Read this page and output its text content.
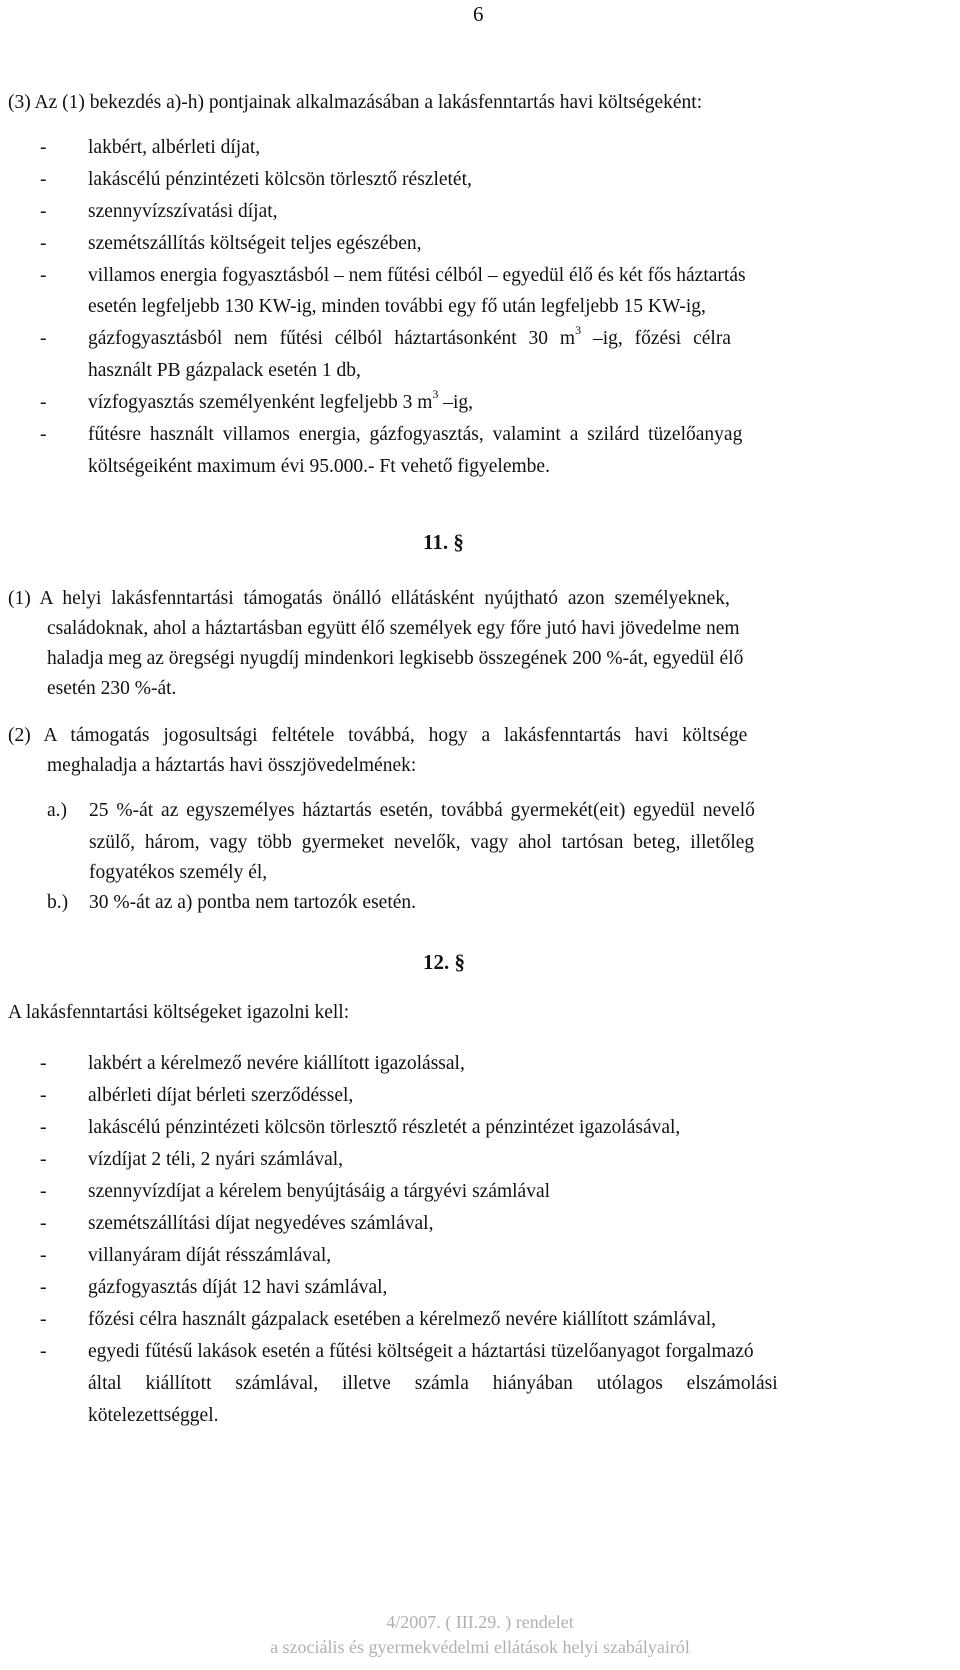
6
(3) Az (1) bekezdés a)-h) pontjainak alkalmazásában a lakásfenntartás havi költségeként:
- lakbért, albérleti díjat,
- lakáscélú pénzintézeti kölcsön törlesztő részletét,
- szennyvízszívatási díjat,
- szemétszállítás költségeit teljes egészében,
- villamos energia fogyasztásból – nem fűtési célból – egyedül élő és két fős háztartás
esetén legfeljebb 130 KW-ig, minden további egy fő után legfeljebb 15 KW-ig,
- gázfogyasztásból nem fűtési célból háztartásonként 30 $m^3$ –ig, főzési célra
használt PB gázpalack esetén 1 db,
- vízfogyasztás személyenként legfeljebb 3 $m^3$ –ig,
- fűtésre használt villamos energia, gázfogyasztás, valamint a szilárd tüzelőanyag
költségeiként maximum évi 95.000.- Ft vehető figyelembe.
11. §
(1) A helyi lakásfenntartási támogatás önálló ellátásként nyújtható azon személyeknek,
családoknak, ahol a háztartásban együtt élő személyek egy főre jutó havi jövedelme nem
haladja meg az öregségi nyugdíj mindenkori legkisebb összegének 200 %-át, egyedül élő
esetén 230 %-át.
(2) A támogatás jogosultsági feltétele továbbá, hogy a lakásfenntartás havi költsége
meghaladja a háztartás havi összjövedelmének:
a.) 25 %-át az egyszemélyes háztartás esetén, továbbá gyermekét(eit) egyedül nevelő
szülő, három, vagy több gyermeket nevelők, vagy ahol tartósan beteg, illetőleg
fogyatékos személy él,
b.) 30 %-át az a) pontba nem tartozók esetén.
12. §
A lakásfenntartási költségeket igazolni kell:
- lakbért a kérelmező nevére kiállított igazolással,
- albérleti díjat bérleti szerződéssel,
- lakáscélú pénzintézeti kölcsön törlesztő részletét a pénzintézet igazolásával,
- vízdíjat 2 téli, 2 nyári számlával,
- szennyvízdíjat a kérelem benyújtásáig a tárgyévi számlával
- szemétszállítási díjat negyedéves számlával,
- villanyáram díját résszámlával,
- gázfogyasztás díját 12 havi számlával,
- főzési célra használt gázpalack esetében a kérelmező nevére kiállított számlával,
- egyedi fűtésű lakások esetén a fűtési költségeit a háztartási tüzelőanyagot forgalmazó
által kiállított számlával, illetve számla hiányában utólagos elszámolási
kötelezettséggel.
4/2007. ( III.29. ) rendelet
a szociális és gyermekvédelmi ellátások helyi szabályairól
